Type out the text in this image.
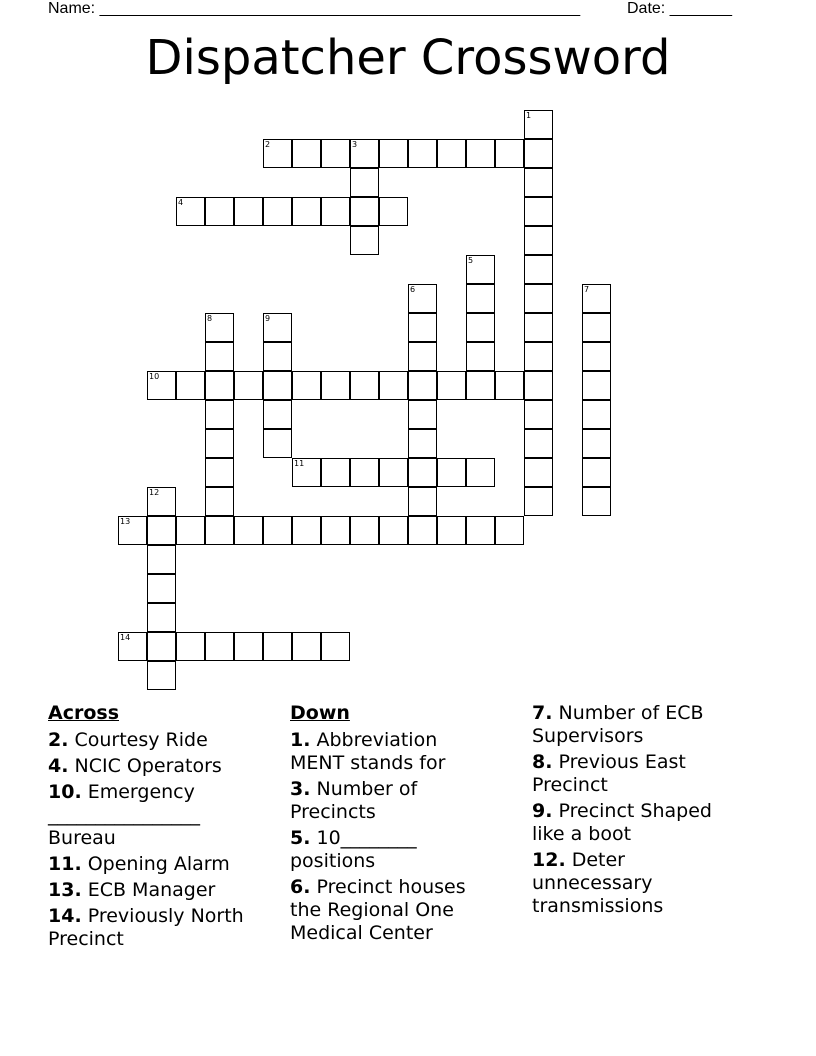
Name: ______________________________________________________	Date: _______
Dispatcher Crossword
1
2	3
4
5
6	7
8	9
10
11
12
13
14
Across
2. Courtesy Ride
4. NCIC Operators
10. Emergency
________________
Bureau
11. Opening Alarm
13. ECB Manager
14. Previously North
Precinct
Down
1. Abbreviation
MENT stands for
3. Number of
Precincts
5. 10________
positions
6. Precinct houses
the Regional One
Medical Center
7. Number of ECB
Supervisors
8. Previous East
Precinct
9. Precinct Shaped
like a boot
12. Deter
unnecessary
transmissions
